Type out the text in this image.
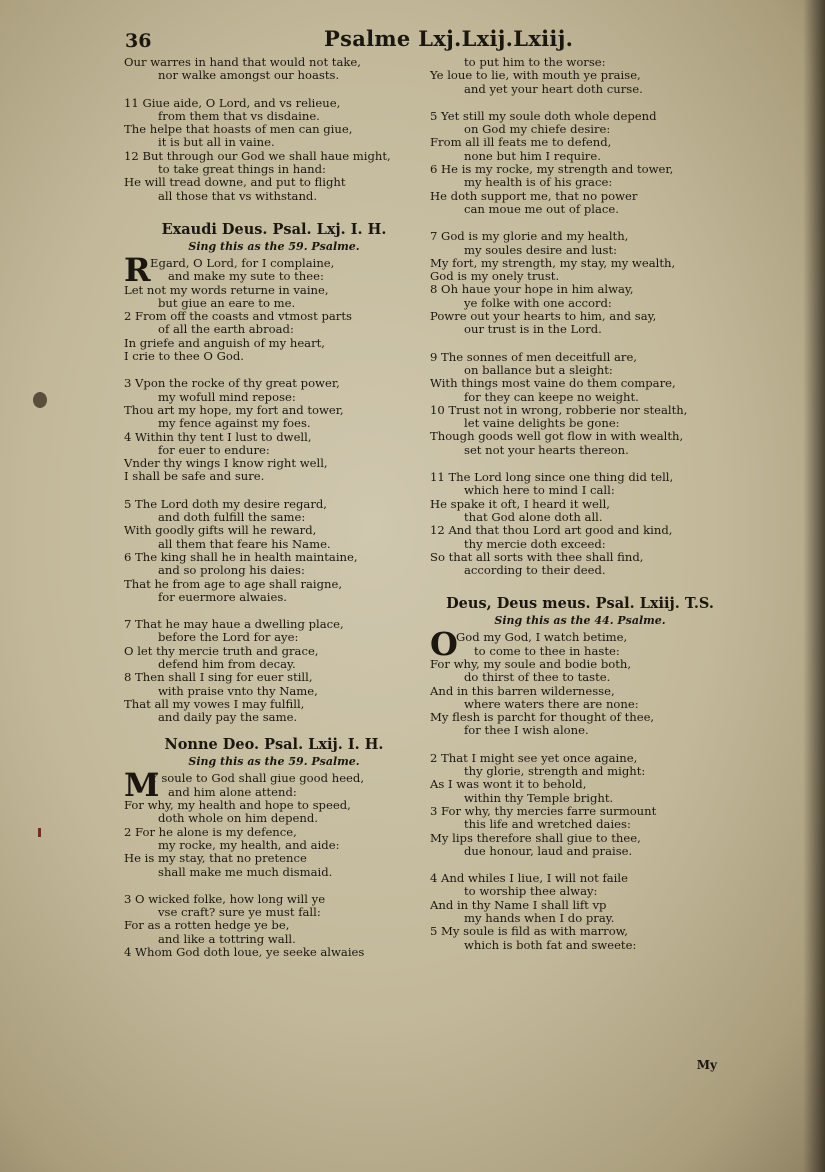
36	Psalme Lxj.Lxij.Lxiij.
Our warres in hand that would not take,
nor walke amongst our hoasts.
11 Giue aide, O Lord, and vs relieue,
from them that vs disdaine.
The helpe that hoasts of men can giue,
it is but all in vaine.
12 But through our God we shall haue might,
to take great things in hand:
He will tread downe, and put to flight
all those that vs withstand.
Exaudi Deus. Psal. Lxj. I. H.
Sing this as the 59. Psalme.
R Egard, O Lord, for I complaine,
and make my sute to thee:
Let not my words returne in vaine,
but giue an eare to me.
2 From off the coasts and vtmost parts
of all the earth abroad:
In griefe and anguish of my heart,
I crie to thee O God.
3 Vpon the rocke of thy great power,
my wofull mind repose:
Thou art my hope, my fort and tower,
my fence against my foes.
4 Within thy tent I lust to dwell,
for euer to endure:
Vnder thy wings I know right well,
I shall be safe and sure.
5 The Lord doth my desire regard,
and doth fulfill the same:
With goodly gifts will he reward,
all them that feare his Name.
6 The king shall he in health maintaine,
and so prolong his daies:
That he from age to age shall raigne,
for euermore alwaies.
7 That he may haue a dwelling place,
before the Lord for aye:
O let thy mercie truth and grace,
defend him from decay.
8 Then shall I sing for euer still,
with praise vnto thy Name,
That all my vowes I may fulfill,
and daily pay the same.
Nonne Deo. Psal. Lxij. I. H.
Sing this as the 59. Psalme.
M
Y soule to God shall giue good heed,
and him alone attend:
For why, my health and hope to speed,
doth whole on him depend.
2 For he alone is my defence,
my rocke, my health, and aide:
He is my stay, that no pretence
shall make me much dismaid.
3 O wicked folke, how long will ye
vse craft? sure ye must fall:
For as a rotten hedge ye be,
and like a tottring wall.
4 Whom God doth loue, ye seeke alwaies
to put him to the worse:
Ye loue to lie, with mouth ye praise,
and yet your heart doth curse.
5 Yet still my soule doth whole depend
on God my chiefe desire:
From all ill feats me to defend,
none but him I require.
6 He is my rocke, my strength and tower,
my health is of his grace:
He doth support me, that no power
can moue me out of place.
7 God is my glorie and my health,
my soules desire and lust:
My fort, my strength, my stay, my wealth,
God is my onely trust.
8 Oh haue your hope in him alway,
ye folke with one accord:
Powre out your hearts to him, and say,
our trust is in the Lord.
9 The sonnes of men deceitfull are,
on ballance but a sleight:
With things most vaine do them compare,
for they can keepe no weight.
10 Trust not in wrong, robberie nor stealth,
let vaine delights be gone:
Though goods well got flow in with wealth,
set not your hearts thereon.
11 The Lord long since one thing did tell,
which here to mind I call:
He spake it oft, I heard it well,
that God alone doth all.
12 And that thou Lord art good and kind,
thy mercie doth exceed:
So that all sorts with thee shall find,
according to their deed.
Deus, Deus meus. Psal. Lxiij. T.S.
Sing this as the 44. Psalme.
O
God my God, I watch betime,
to come to thee in haste:
For why, my soule and bodie both,
do thirst of thee to taste.
And in this barren wildernesse,
where waters there are none:
My flesh is parcht for thought of thee,
for thee I wish alone.
2 That I might see yet once againe,
thy glorie, strength and might:
As I was wont it to behold,
within thy Temple bright.
3 For why, thy mercies farre surmount
this life and wretched daies:
My lips therefore shall giue to thee,
due honour, laud and praise.
4 And whiles I liue, I will not faile
to worship thee alway:
And in thy Name I shall lift vp
my hands when I do pray.
5 My soule is fild as with marrow,
which is both fat and sweete:
My
